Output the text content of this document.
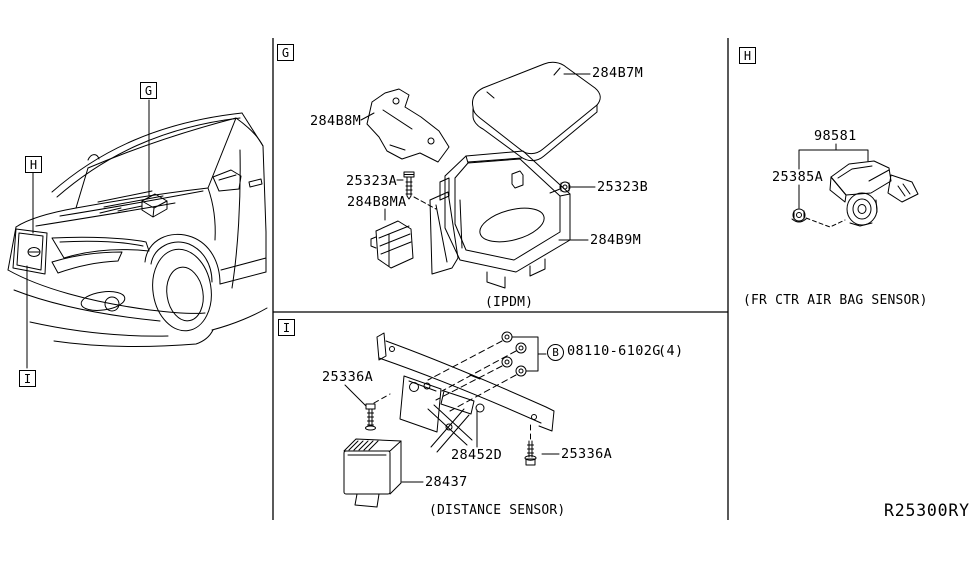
G
H
I
G	H
I
284B7M
284B8M
25323A
284B8MA
25323B
284B9M
(IPDM)
98581
25385A
(FR CTR AIR BAG SENSOR)
25336A
B 08110-6102G
(4)
28452D	25336A
28437
(DISTANCE SENSOR)	R25300RY
